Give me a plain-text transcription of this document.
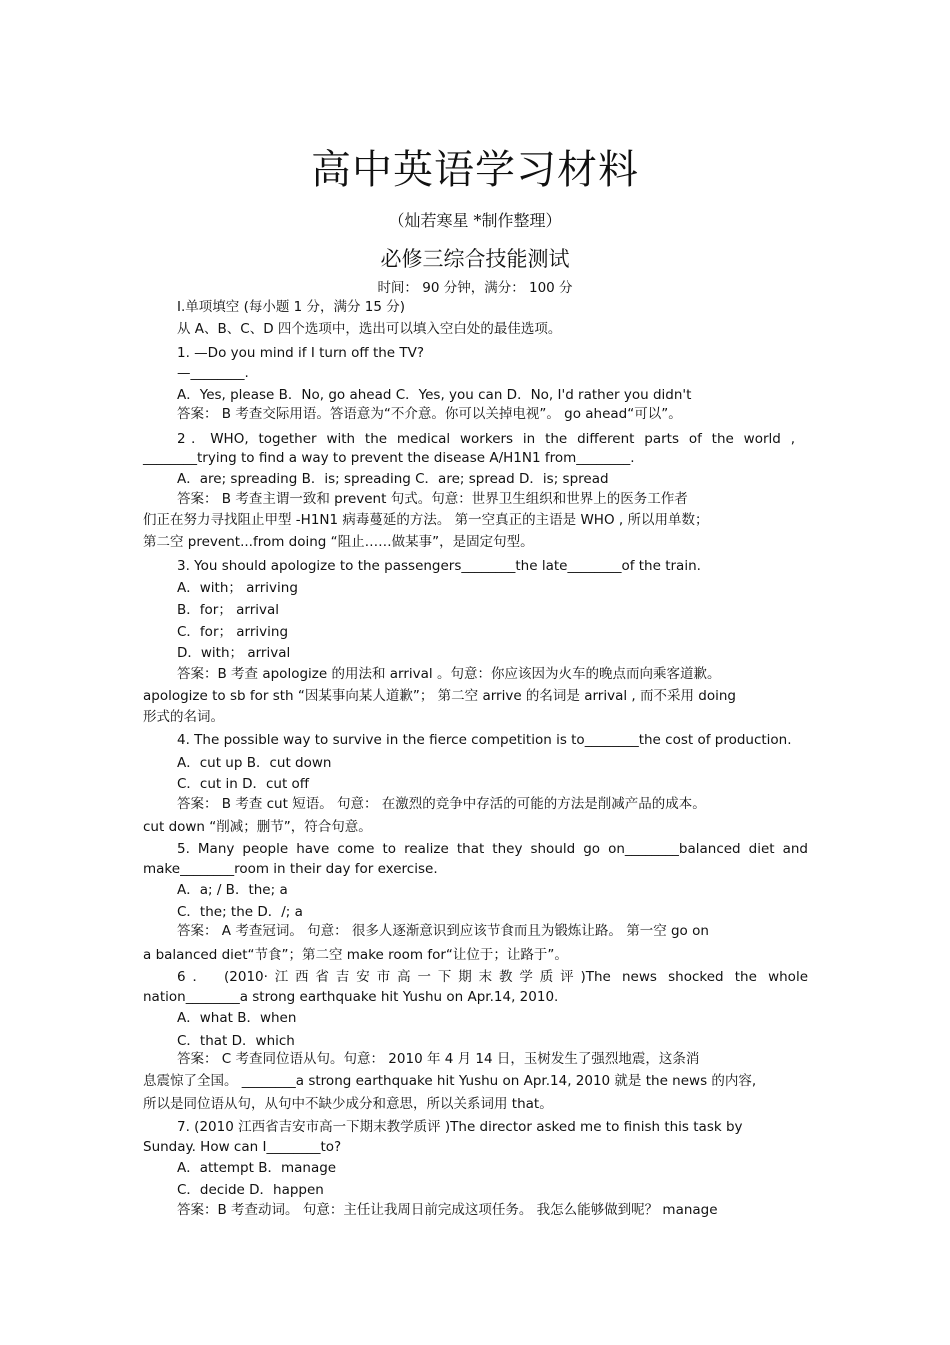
高中英语学习材料
（灿若寒星 *制作整理）
必修三综合技能测试
时间： 90 分钟，满分： 100 分
Ⅰ.单项填空 (每小题 1 分，满分 15 分)
从 A、B、C、D 四个选项中，选出可以填入空白处的最佳选项。
1. —Do you mind if I turn off the TV?
—________.
A．Yes, please B．No, go ahead C．Yes, you can D．No, I'd rather you didn't
答案： B 考查交际用语。答语意为“不介意。你可以关掉电视”。 go ahead“可以”。
2．WHO, together with the medical workers in the different parts of the world ,
________trying to find a way to prevent the disease A/H1N1 from________.
A．are; spreading B．is; spreading C．are; spread D．is; spread
答案： B 考查主谓一致和 prevent 句式。句意：世界卫生组织和世界上的医务工作者
们正在努力寻找阻止甲型 -H1N1 病毒蔓延的方法。 第一空真正的主语是 WHO , 所以用单数；
第二空 prevent...from doing “阻止……做某事”，是固定句型。
3. You should apologize to the passengers________the late________of the train.
A．with； arriving
B．for； arrival
C．for； arriving
D．with； arrival
答案：B 考查 apologize 的用法和 arrival 。句意：你应该因为火车的晚点而向乘客道歉。
apologize to sb for sth “因某事向某人道歉”； 第二空 arrive 的名词是 arrival , 而不采用 doing
形式的名词。
4. The possible way to survive in the fierce competition is to________the cost of production.
A．cut up B．cut down
C．cut in D．cut off
答案： B 考查 cut 短语。 句意： 在激烈的竞争中存活的可能的方法是削减产品的成本。
cut down “削减；删节”，符合句意。
5. Many people have come to realize that they should go on________balanced diet and
make________room in their day for exercise.
A．a; / B．the; a
C．the; the D．/; a
答案： A 考查冠词。 句意： 很多人逐渐意识到应该节食而且为锻炼让路。 第一空 go on
a balanced diet“节食”；第二空 make room for“让位于；让路于”。
6． (2010·江西省吉安市高一下期末教学质评)The news shocked the whole
nation________a strong earthquake hit Yushu on Apr.14, 2010.
A．what B．when
C．that D．which
答案： C 考查同位语从句。句意： 2010 年 4 月 14 日，玉树发生了强烈地震，这条消
息震惊了全国。 ________a strong earthquake hit Yushu on Apr.14, 2010 就是 the news 的内容,
所以是同位语从句，从句中不缺少成分和意思，所以关系词用 that。
7. (2010 江西省吉安市高一下期末教学质评 )The director asked me to finish this task by
Sunday. How can I________to?
A．attempt B．manage
C．decide D．happen
答案：B 考查动词。 句意：主任让我周日前完成这项任务。 我怎么能够做到呢？ manage
